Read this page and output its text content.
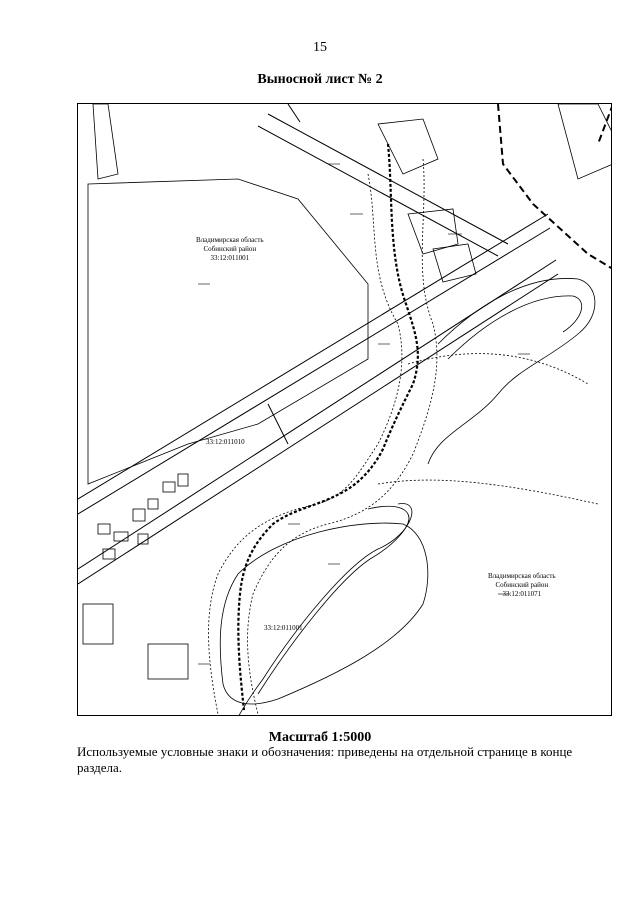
15
Выносной лист № 2
Владимирская область
Собинский район
33:12:011001
33:12:011010
Владимирская область
Собинский район
33:12:011071
33:12:011001
Масштаб 1:5000
Используемые условные знаки и обозначения: приведены на отдельной странице в конце раздела.
